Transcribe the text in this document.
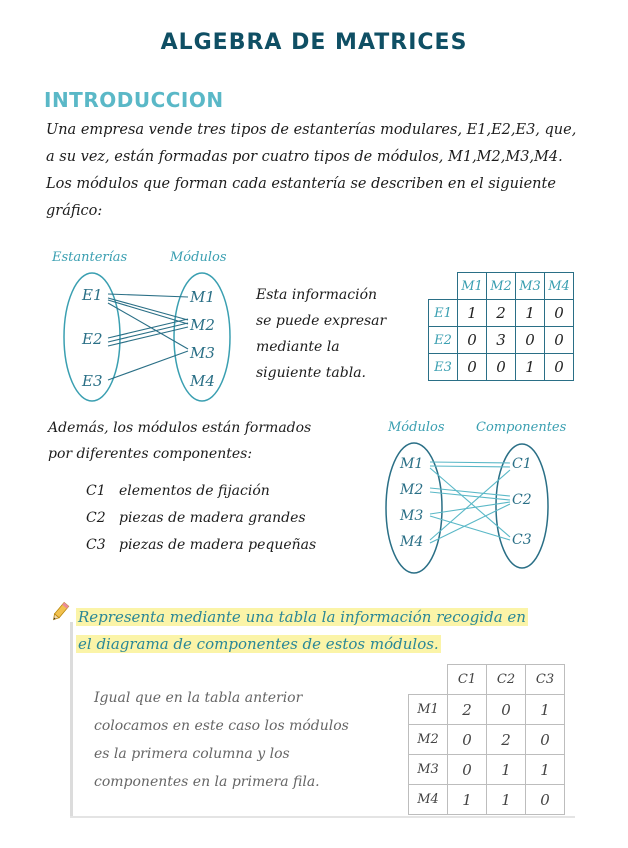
ALGEBRA DE MATRICES
INTRODUCCION
Una empresa vende tres tipos de estanterías modulares, E1,E2,E3, que,
a su vez, están formadas por cuatro tipos de módulos, M1,M2,M3,M4.
Los módulos que forman cada estantería se describen en el siguiente
gráfico:
Estanterías	Módulos
E1
E2
E3
M1
M2
M3
M4
Esta información
se puede expresar
mediante la
siguiente tabla.
	M1	M2	M3	M4
E1	1	2	1	0
E2	0	3	0	0
E3	0	0	1	0
Además, los módulos están formados
por diferentes componentes:
C1 elementos de fijación
C2 piezas de madera grandes
C3 piezas de madera pequeñas
Módulos Componentes
M1
M2
M3
M4
C1
C2
C3
Representa mediante una tabla la información recogida en
el diagrama de componentes de estos módulos.
Igual que en la tabla anterior
colocamos en este caso los módulos
es la primera columna y los
componentes en la primera fila.
	C1	C2	C3
M1	2	0	1
M2	0	2	0
M3	0	1	1
M4	1	1	0
